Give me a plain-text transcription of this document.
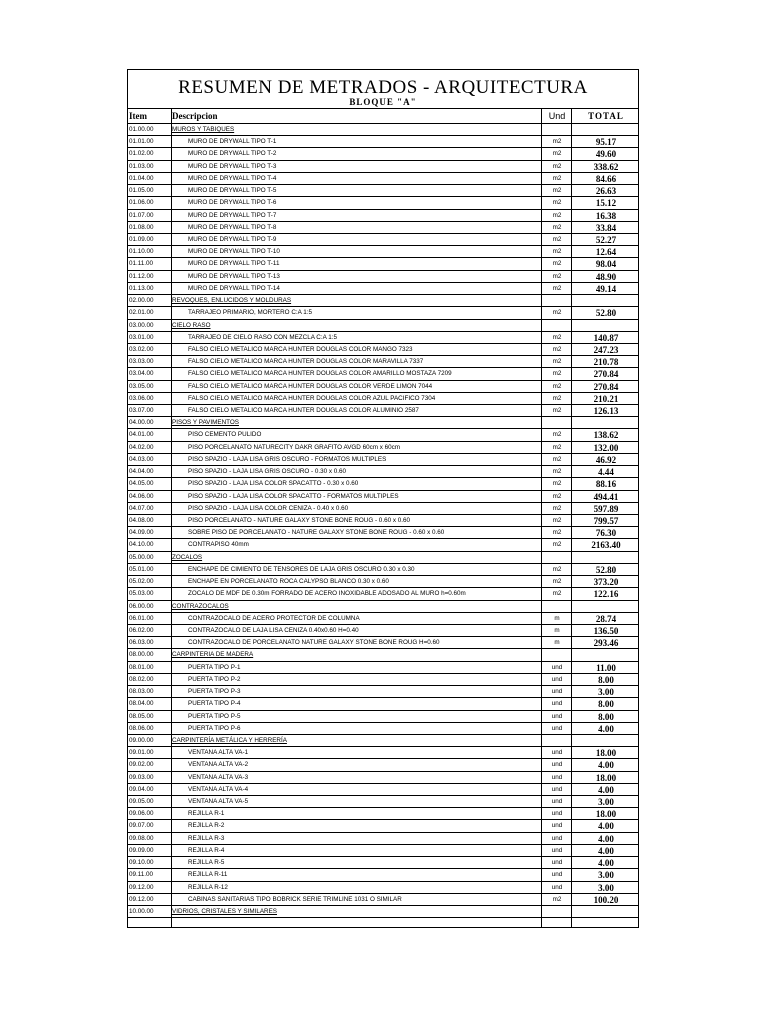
RESUMEN DE METRADOS - ARQUITECTURA
BLOQUE "A"
Item	Descripcion	Und	TOTAL
01.00.00	MUROS Y TABIQUES
01.01.00	MURO DE DRYWALL TIPO T-1	m2	95.17
01.02.00	MURO DE DRYWALL TIPO T-2	m2	49.60
01.03.00	MURO DE DRYWALL TIPO T-3	m2	338.62
01.04.00	MURO DE DRYWALL TIPO T-4	m2	84.66
01.05.00	MURO DE DRYWALL TIPO T-5	m2	26.63
01.06.00	MURO DE DRYWALL TIPO T-6	m2	15.12
01.07.00	MURO DE DRYWALL TIPO T-7	m2	16.38
01.08.00	MURO DE DRYWALL TIPO T-8	m2	33.84
01.09.00	MURO DE DRYWALL TIPO T-9	m2	52.27
01.10.00	MURO DE DRYWALL TIPO T-10	m2	12.64
01.11.00	MURO DE DRYWALL TIPO T-11	m2	98.04
01.12.00	MURO DE DRYWALL TIPO T-13	m2	48.90
01.13.00	MURO DE DRYWALL TIPO T-14	m2	49.14
02.00.00	REVOQUES, ENLUCIDOS Y MOLDURAS
02.01.00	TARRAJEO PRIMARIO, MORTERO C:A 1:5	m2	52.80
03.00.00	CIELO RASO
03.01.00	TARRAJEO DE CIELO RASO CON MEZCLA C:A 1:5	m2	140.87
03.02.00	FALSO CIELO METALICO MARCA HUNTER DOUGLAS COLOR MANGO 7323	m2	247.23
03.03.00	FALSO CIELO METALICO MARCA HUNTER DOUGLAS COLOR MARAVILLA 7337	m2	210.78
03.04.00	FALSO CIELO METALICO MARCA HUNTER DOUGLAS COLOR AMARILLO MOSTAZA 7209	m2	270.84
03.05.00	FALSO CIELO METALICO MARCA HUNTER DOUGLAS COLOR VERDE LIMON 7044	m2	270.84
03.06.00	FALSO CIELO METALICO MARCA HUNTER DOUGLAS COLOR AZUL PACIFICO 7304	m2	210.21
03.07.00	FALSO CIELO METALICO MARCA HUNTER DOUGLAS COLOR ALUMINIO 2587	m2	126.13
04.00.00	PISOS Y PAVIMENTOS
04.01.00	PISO CEMENTO PULIDO	m2	138.62
04.02.00	PISO PORCELANATO NATURECITY DAKR GRAFITO AVGD 60cm x 60cm	m2	132.00
04.03.00	PISO SPAZIO - LAJA LISA GRIS OSCURO - FORMATOS MULTIPLES	m2	46.92
04.04.00	PISO SPAZIO - LAJA LISA GRIS OSCURO - 0.30 x 0.60	m2	4.44
04.05.00	PISO SPAZIO - LAJA LISA COLOR SPACATTO - 0.30 x 0.60	m2	88.16
04.06.00	PISO SPAZIO - LAJA LISA COLOR SPACATTO - FORMATOS MULTIPLES	m2	494.41
04.07.00	PISO SPAZIO - LAJA LISA COLOR CENIZA - 0.40 x 0.60	m2	597.89
04.08.00	PISO PORCELANATO - NATURE GALAXY STONE BONE ROUG - 0.60 x 0.60	m2	799.57
04.09.00	SOBRE PISO DE PORCELANATO - NATURE GALAXY STONE BONE ROUG - 0.60 x 0.60	m2	76.30
04.10.00	CONTRAPISO 40mm	m2	2163.40
05.00.00	ZOCALOS
05.01.00	ENCHAPE DE CIMIENTO DE TENSORES DE LAJA GRIS OSCURO 0.30 x 0.30	m2	52.80
05.02.00	ENCHAPE EN PORCELANATO ROCA CALYPSO BLANCO 0.30 x 0.60	m2	373.20
05.03.00	ZOCALO DE MDF DE 0.30m FORRADO DE ACERO INOXIDABLE ADOSADO AL MURO h=0.60m	m2	122.16
06.00.00	CONTRAZOCALOS
06.01.00	CONTRAZOCALO DE ACERO PROTECTOR DE COLUMNA	m	28.74
06.02.00	CONTRAZOCALO DE LAJA LISA CENIZA 0.40x0.60 H=0.40	m	136.50
06.03.00	CONTRAZOCALO DE PORCELANATO NATURE GALAXY STONE BONE ROUG H=0.60	m	293.46
08.00.00	CARPINTERIA DE MADERA
08.01.00	PUERTA TIPO P-1	und	11.00
08.02.00	PUERTA TIPO P-2	und	8.00
08.03.00	PUERTA TIPO P-3	und	3.00
08.04.00	PUERTA TIPO P-4	und	8.00
08.05.00	PUERTA TIPO P-5	und	8.00
08.06.00	PUERTA TIPO P-6	und	4.00
09.00.00	CARPINTERÍA METÁLICA Y HERRERÍA
09.01.00	VENTANA ALTA VA-1	und	18.00
09.02.00	VENTANA ALTA VA-2	und	4.00
09.03.00	VENTANA ALTA VA-3	und	18.00
09.04.00	VENTANA ALTA VA-4	und	4.00
09.05.00	VENTANA ALTA VA-5	und	3.00
09.06.00	REJILLA R-1	und	18.00
09.07.00	REJILLA R-2	und	4.00
09.08.00	REJILLA R-3	und	4.00
09.09.00	REJILLA R-4	und	4.00
09.10.00	REJILLA R-5	und	4.00
09.11.00	REJILLA R-11	und	3.00
09.12.00	REJILLA R-12	und	3.00
09.12.00	CABINAS SANITARIAS TIPO BOBRICK SERIE TRIMLINE 1031 O SIMILAR	m2	100.20
10.00.00	VIDRIOS, CRISTALES Y SIMILARES
